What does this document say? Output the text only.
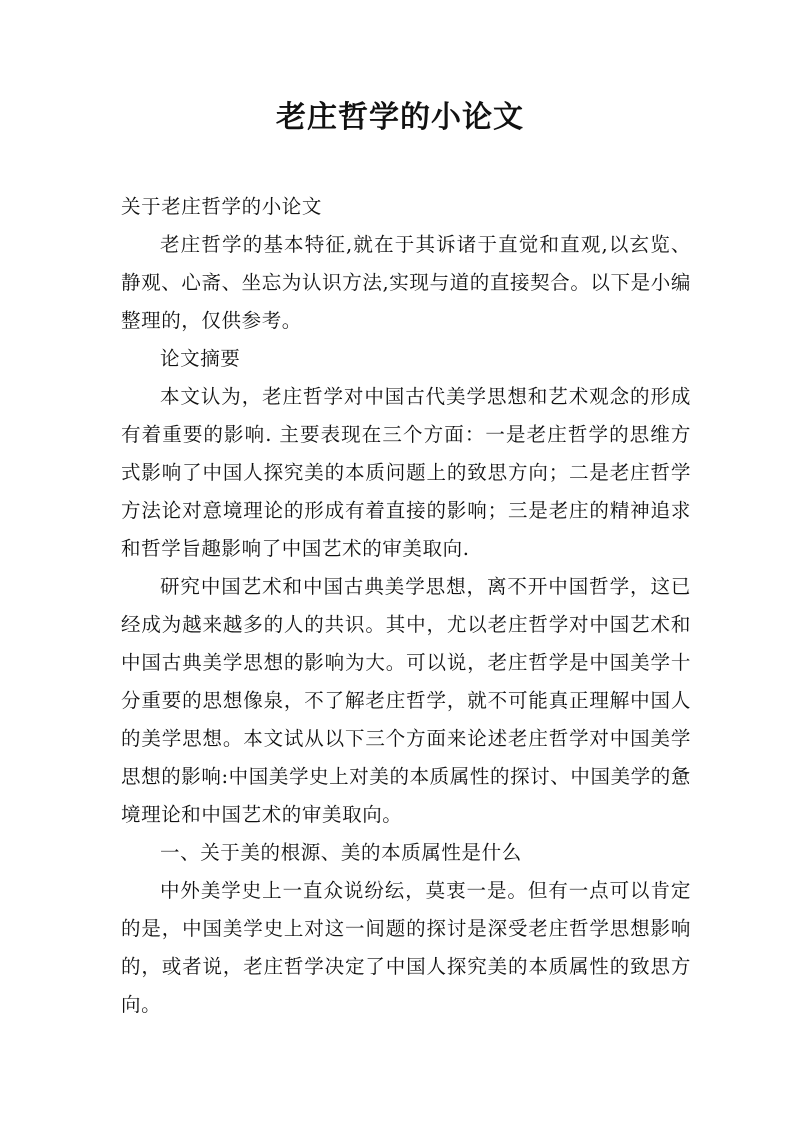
老庄哲学的小论文

关于老庄哲学的小论文

老庄哲学的基本特征,就在于其诉诸于直觉和直观,以玄览、静观、心斋、坐忘为认识方法,实现与道的直接契合。以下是小编整理的，仅供参考。

论文摘要

本文认为，老庄哲学对中国古代美学思想和艺术观念的形成有着重要的影响. 主要表现在三个方面：一是老庄哲学的思维方式影响了中国人探究美的本质问题上的致思方向；二是老庄哲学方法论对意境理论的形成有着直接的影响；三是老庄的精神追求和哲学旨趣影响了中国艺术的审美取向.

研究中国艺术和中国古典美学思想，离不开中国哲学，这已经成为越来越多的人的共识。其中，尤以老庄哲学对中国艺术和中国古典美学思想的影响为大。可以说，老庄哲学是中国美学十分重要的思想像泉，不了解老庄哲学，就不可能真正理解中国人的美学思想。本文试从以下三个方面来论述老庄哲学对中国美学思想的影响:中国美学史上对美的本质属性的探讨、中国美学的惫境理论和中国艺术的审美取向。

一、关于美的根源、美的本质属性是什么

中外美学史上一直众说纷纭，莫衷一是。但有一点可以肯定的是，中国美学史上对这一间题的探讨是深受老庄哲学思想影响的，或者说，老庄哲学决定了中国人探究美的本质属性的致思方向。
